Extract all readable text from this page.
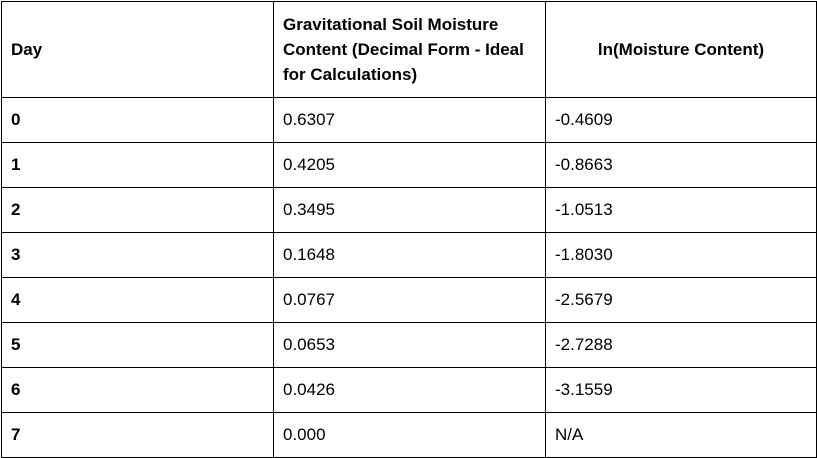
Day	Gravitational Soil Moisture Content (Decimal Form - Ideal for Calculations)	ln(Moisture Content)
0	0.6307	-0.4609
1	0.4205	-0.8663
2	0.3495	-1.0513
3	0.1648	-1.8030
4	0.0767	-2.5679
5	0.0653	-2.7288
6	0.0426	-3.1559
7	0.000	N/A
